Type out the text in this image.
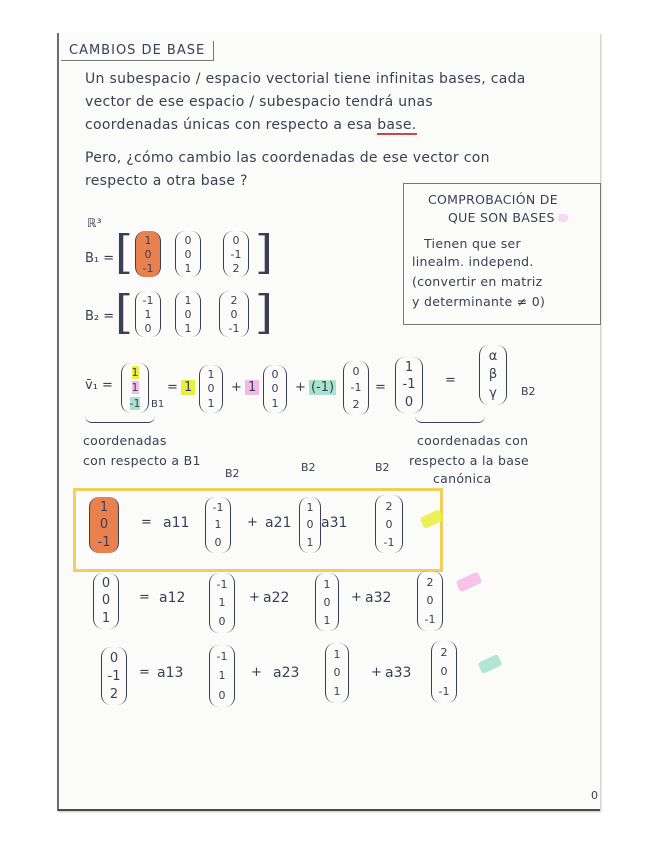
CAMBIOS DE BASE
Un subespacio / espacio vectorial tiene infinitas bases, cada
vector de ese espacio / subespacio tendrá unas
coordenadas únicas con respecto a esa base.
Pero, ¿cómo cambio las coordenadas de ese vector con
respecto a otra base ?
COMPROBACIÓN DE
QUE SON BASES
Tienen que ser
linealm. independ.
(convertir en matriz
y determinante ≠ 0)
ℝ³
B₁ = [ 1
0
-1
0
0
1
0
-1
2 ]
B₂ = [ -1
1
0
1
0
1
2
0
-1 ]
v̄₁ =
1
1
-1 B1
= 1
1
0
1
+ 1
0
0
1
+ (-1)
0
-1
2
=
1
-1
0
=
α
β
γ B2
coordenadas
con respecto a B1
coordenadas con
respecto a la base
canónica
B2	B2	B2
1
0
-1
= a11
-1
1
0
+ a21
1
0
1
a31
2
0
-1
0
0
1
= a12
-1
1
0
+ a22
1
0
1
+ a32
2
0
-1
0
-1
2
= a13
-1
1
0
+ a23
1
0
1
+ a33
2
0
-1
0
